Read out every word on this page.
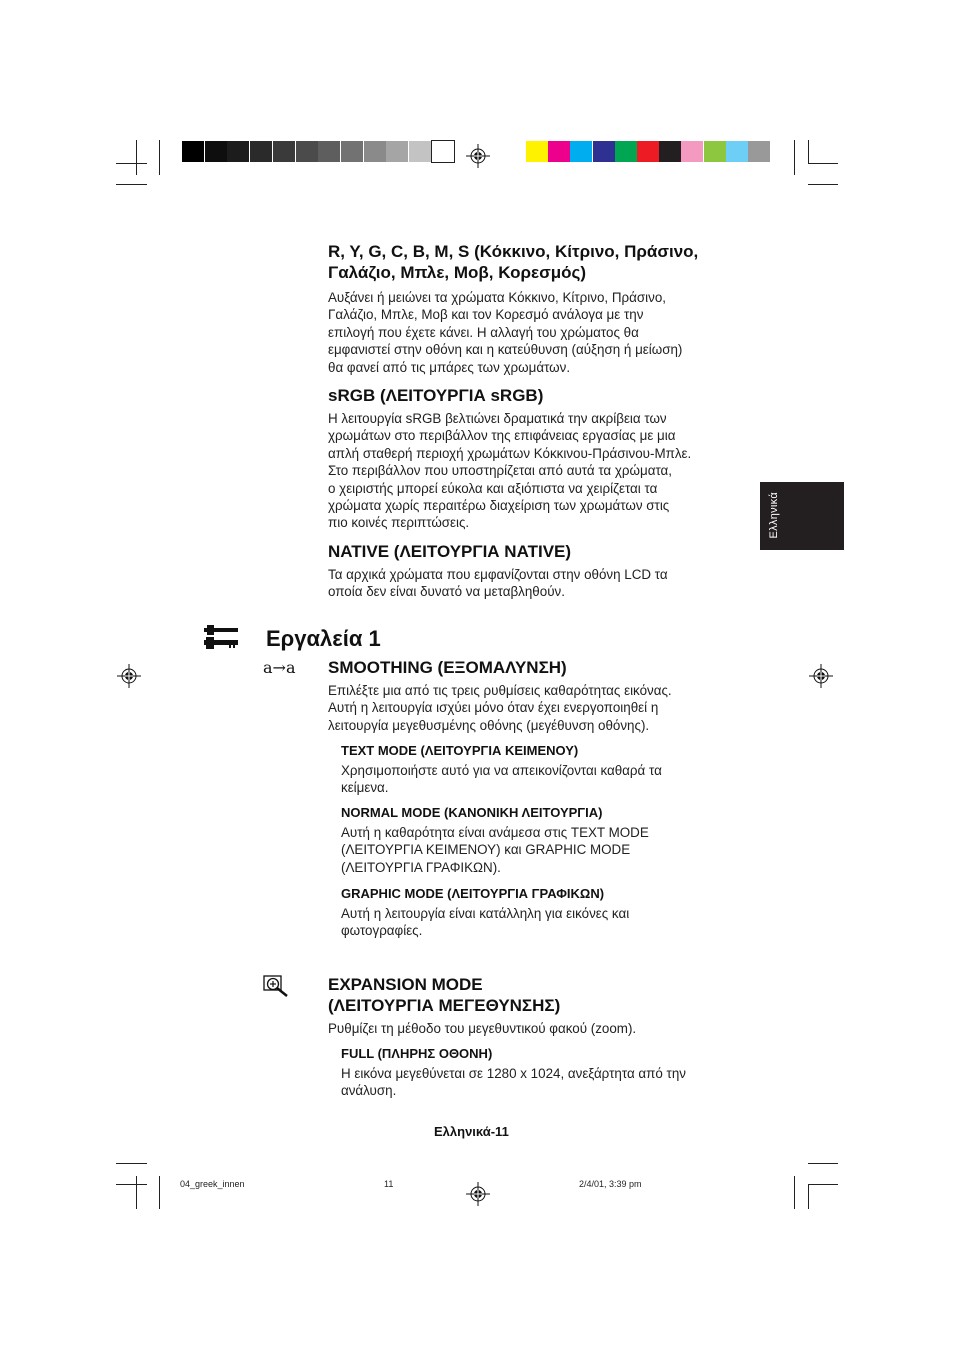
Ελληνικά
R, Y, G, C, B, M, S (Κόκκινο, Κίτρινο, Πράσινο,
Γαλάζιο, Μπλε, Μοβ, Κορεσμός)

Αυξάνει ή μειώνει τα χρώματα Κόκκινο, Κίτρινο, Πράσινο,
Γαλάζιο, Μπλε, Μοβ και τον Κορεσμό ανάλογα με την
επιλογή που έχετε κάνει. Η αλλαγή του χρώματος θα
εμφανιστεί στην οθόνη και η κατεύθυνση (αύξηση ή μείωση)
θα φανεί από τις μπάρες των χρωμάτων.

sRGB (ΛΕΙΤΟΥΡΓΙΑ sRGB)

Η λειτουργία sRGB βελτιώνει δραματικά την ακρίβεια των
χρωμάτων στο περιβάλλον της επιφάνειας εργασίας με μια
απλή σταθερή περιοχή χρωμάτων Κόκκινου-Πράσινου-Μπλε.
Στο περιβάλλον που υποστηρίζεται από αυτά τα χρώματα,
ο χειριστής μπορεί εύκολα και αξιόπιστα να χειρίζεται τα
χρώματα χωρίς περαιτέρω διαχείριση των χρωμάτων στις
πιο κοινές περιπτώσεις.

NATIVE (ΛΕΙΤΟΥΡΓΙΑ NATIVE)

Τα αρχικά χρώματα που εμφανίζονται στην οθόνη LCD τα
οποία δεν είναι δυνατό να μεταβληθούν.

Εργαλεία 1
a→a SMOOTHING (ΕΞΟΜΑΛΥΝΣΗ)

Επιλέξτε μια από τις τρεις ρυθμίσεις καθαρότητας εικόνας.
Αυτή η λειτουργία ισχύει μόνο όταν έχει ενεργοποιηθεί η
λειτουργία μεγεθυσμένης οθόνης (μεγέθυνση οθόνης).

TEXT MODE (ΛΕΙΤΟΥΡΓΙΑ ΚΕΙΜΕΝΟΥ)

Χρησιμοποιήστε αυτό για να απεικονίζονται καθαρά τα
κείμενα.

NORMAL MODE (ΚΑΝΟΝΙΚΗ ΛΕΙΤΟΥΡΓΙΑ)

Αυτή η καθαρότητα είναι ανάμεσα στις TEXT MODE
(ΛΕΙΤΟΥΡΓΙΑ ΚΕΙΜΕΝΟΥ) και GRAPHIC MODE
(ΛΕΙΤΟΥΡΓΙΑ ΓΡΑΦΙΚΩΝ).

GRAPHIC MODE (ΛΕΙΤΟΥΡΓΙΑ ΓΡΑΦΙΚΩΝ)

Αυτή η λειτουργία είναι κατάλληλη για εικόνες και
φωτογραφίες.

EXPANSION MODE
(ΛΕΙΤΟΥΡΓΙΑ ΜΕΓΕΘΥΝΣΗΣ)

Ρυθμίζει τη μέθοδο του μεγεθυντικού φακού (zoom).

FULL (ΠΛΗΡΗΣ ΟΘΟΝΗ)

Η εικόνα μεγεθύνεται σε 1280 x 1024, ανεξάρτητα από την
ανάλυση.

Ελληνικά-11
04_greek_innen	11	2/4/01, 3:39 pm
